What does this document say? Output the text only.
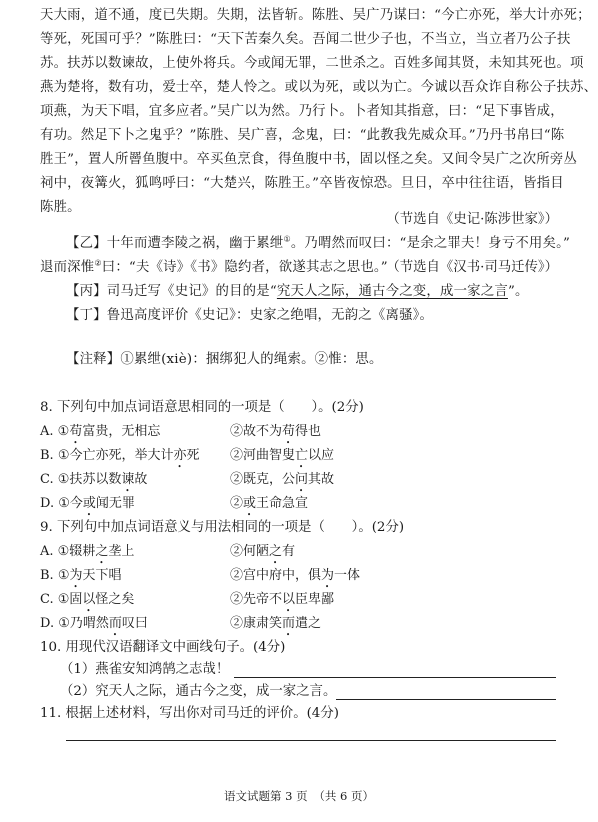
天大雨，道不通，度已失期。失期，法皆斩。陈胜、吴广乃谋曰：“今亡亦死，举大计亦死；
等死，死国可乎？”陈胜曰：“天下苦秦久矣。吾闻二世少子也，不当立，当立者乃公子扶
苏。扶苏以数谏故，上使外将兵。今或闻无罪，二世杀之。百姓多闻其贤，未知其死也。项
燕为楚将，数有功，爱士卒，楚人怜之。或以为死，或以为亡。今诚以吾众诈自称公子扶苏、
项燕，为天下唱，宜多应者。”吴广以为然。乃行卜。卜者知其指意，曰：“足下事皆成，
有功。然足下卜之鬼乎？”陈胜、吴广喜，念鬼，曰：“此教我先威众耳。”乃丹书帛曰“陈
胜王”，置人所罾鱼腹中。卒买鱼烹食，得鱼腹中书，固以怪之矣。又间令吴广之次所旁丛
祠中，夜篝火，狐鸣呼曰：“大楚兴，陈胜王。”卒皆夜惊恐。旦日，卒中往往语，皆指目
陈胜。
（节选自《史记·陈涉世家》）
【乙】十年而遭李陵之祸，幽于累绁①。乃喟然而叹曰：“是余之罪夫！身亏不用矣。”
退而深惟②曰：“夫《诗》《书》隐约者，欲遂其志之思也。”
（节选自《汉书·司马迁传》）
【丙】司马迁写《史记》的目的是“究天人之际，通古今之变，成一家之言”。
【丁】鲁迅高度评价《史记》：史家之绝唱，无韵之《离骚》。
【注释】①累绁(xiè)：捆绑犯人的绳索。②惟：思。
8. 下列句中加点词语意思相同的一项是（　　）。(2分)
A. ①苟富贵，无相忘	②故不为苟得也
B. ①今亡亦死，举大计亦死 ②河曲智叟亡以应
C. ①扶苏以数谏故	②既克，公问其故
D. ①今或闻无罪	②或王命急宣
9. 下列句中加点词语意义与用法相同的一项是（　　）。(2分)
A. ①辍耕之垄上	②何陋之有
B. ①为天下唱	②宫中府中，俱为一体
C. ①固以怪之矣	②先帝不以臣卑鄙
D. ①乃喟然而叹曰	②康肃笑而遣之
10. 用现代汉语翻译文中画线句子。(4分)
（1）燕雀安知鸿鹄之志哉！
（2）究天人之际，通古今之变，成一家之言。
11. 根据上述材料，写出你对司马迁的评价。(4分)
语文试题第 3 页　（共 6 页）
